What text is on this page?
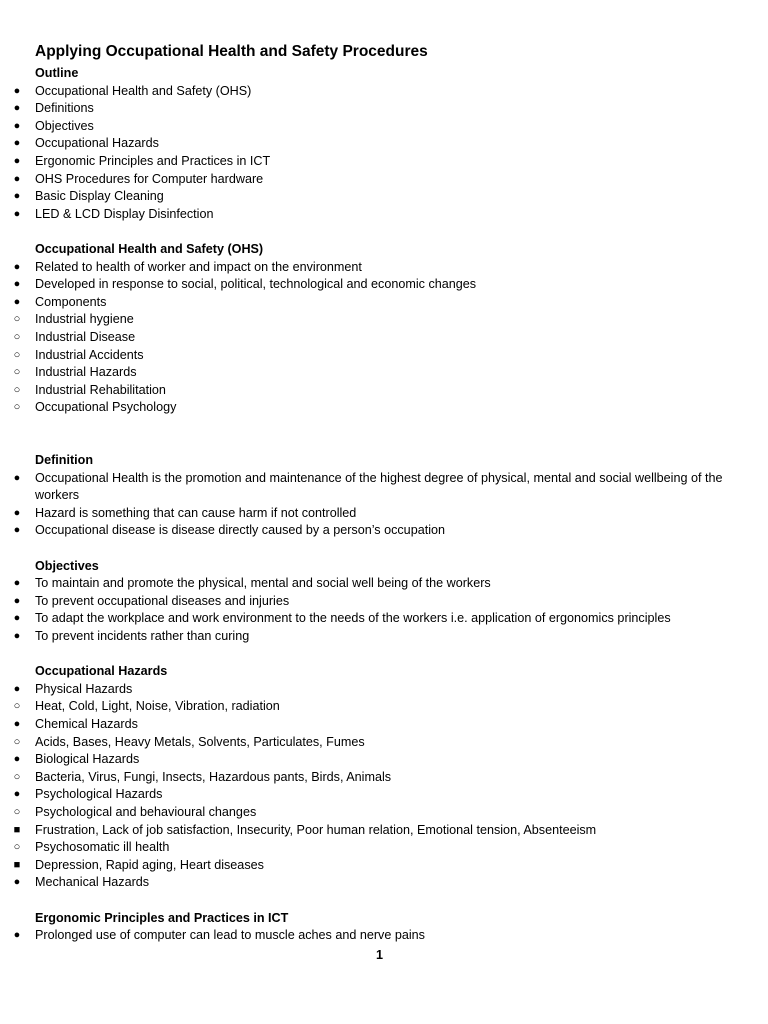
Applying Occupational Health and Safety Procedures
Outline
● Occupational Health and Safety (OHS)
● Definitions
● Objectives
● Occupational Hazards
● Ergonomic Principles and Practices in ICT
● OHS Procedures for Computer hardware
● Basic Display Cleaning
● LED & LCD Display Disinfection
Occupational Health and Safety (OHS)
● Related to health of worker and impact on the environment
● Developed in response to social, political, technological and economic changes
● Components
○ Industrial hygiene
○ Industrial Disease
○ Industrial Accidents
○ Industrial Hazards
○ Industrial Rehabilitation
○ Occupational Psychology
Definition
● Occupational Health is the promotion and maintenance of the highest degree of physical, mental and social wellbeing of the workers
● Hazard is something that can cause harm if not controlled
● Occupational disease is disease directly caused by a person’s occupation
Objectives
● To maintain and promote the physical, mental and social well being of the workers
● To prevent occupational diseases and injuries
● To adapt the workplace and work environment to the needs of the workers i.e. application of ergonomics principles
● To prevent incidents rather than curing
Occupational Hazards
● Physical Hazards
○ Heat, Cold, Light, Noise, Vibration, radiation
● Chemical Hazards
○ Acids, Bases, Heavy Metals, Solvents, Particulates, Fumes
● Biological Hazards
○ Bacteria, Virus, Fungi, Insects, Hazardous pants, Birds, Animals
● Psychological Hazards
○ Psychological and behavioural changes
■ Frustration, Lack of job satisfaction, Insecurity, Poor human relation, Emotional tension, Absenteeism
○ Psychosomatic ill health
■ Depression, Rapid aging, Heart diseases
● Mechanical Hazards
Ergonomic Principles and Practices in ICT
● Prolonged use of computer can lead to muscle aches and nerve pains
1
